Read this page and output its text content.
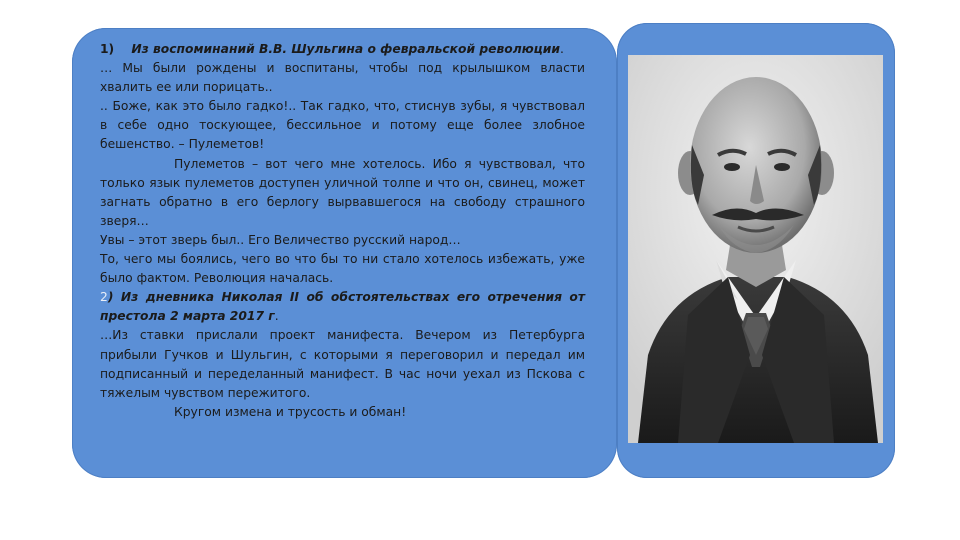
1) Из воспоминаний В.В. Шульгина о февральской революции.

… Мы были рождены и воспитаны, чтобы под крылышком власти хвалить ее или порицать..

.. Боже, как это было гадко!.. Так гадко, что, стиснув зубы, я чувствовал в себе одно тоскующее, бессильное и потому еще более злобное бешенство. – Пулеметов!

Пулеметов – вот чего мне хотелось. Ибо я чувствовал, что только язык пулеметов доступен уличной толпе и что он, свинец, может загнать обратно в его берлогу вырвавшегося на свободу страшного зверя…

Увы – этот зверь был.. Его Величество русский народ…

То, чего мы боялись, чего во что бы то ни стало хотелось избежать, уже было фактом. Революция началась.

2) Из дневника Николая II об обстоятельствах его отречения от престола 2 марта 2017 г.

…Из ставки прислали проект манифеста. Вечером из Петербурга прибыли Гучков и Шульгин, с которыми я переговорил и передал им подписанный и переделанный манифест. В час ночи уехал из Пскова с тяжелым чувством пережитого.

Кругом измена и трусость и обман!
